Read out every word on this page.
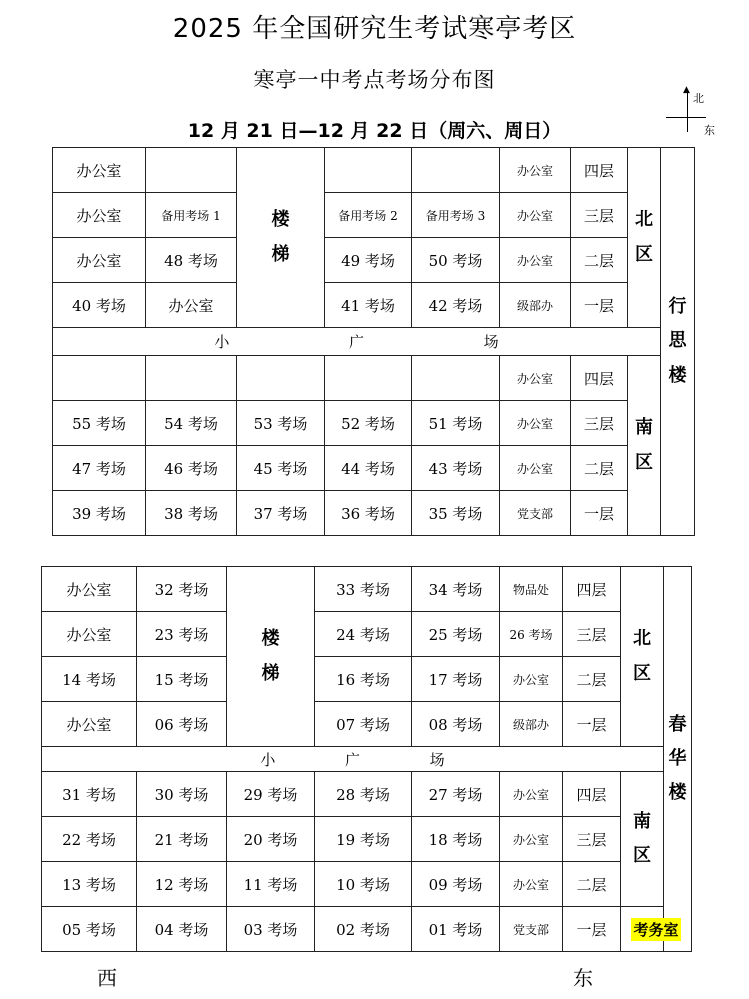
2025 年全国研究生考试寒亭考区
寒亭一中考点考场分布图
12 月 21 日—12 月 22 日（周六、周日）
▲
北
东
办公室		楼梯			办公室	四层	北区	行思楼
办公室	备用考场 1		备用考场 2	备用考场 3	办公室	三层		
办公室	48 考场		49 考场	50 考场	办公室	二层		
40 考场	办公室		41 考场	42 考场	级部办	一层		
小 广 场								
					办公室	四层	南区	
55 考场	54 考场	53 考场	52 考场	51 考场	办公室	三层		
47 考场	46 考场	45 考场	44 考场	43 考场	办公室	二层		
39 考场	38 考场	37 考场	36 考场	35 考场	党支部	一层		
办公室	32 考场	楼梯	33 考场	34 考场	物品处	四层	北区	春华楼
办公室	23 考场		24 考场	25 考场	26 考场	三层		
14 考场	15 考场		16 考场	17 考场	办公室	二层		
办公室	06 考场		07 考场	08 考场	级部办	一层		
小 广 场								
31 考场	30 考场	29 考场	28 考场	27 考场	办公室	四层	南区	
22 考场	21 考场	20 考场	19 考场	18 考场	办公室	三层		
13 考场	12 考场	11 考场	10 考场	09 考场	办公室	二层		
05 考场	04 考场	03 考场	02 考场	01 考场	党支部	一层	考务室	
西	东
